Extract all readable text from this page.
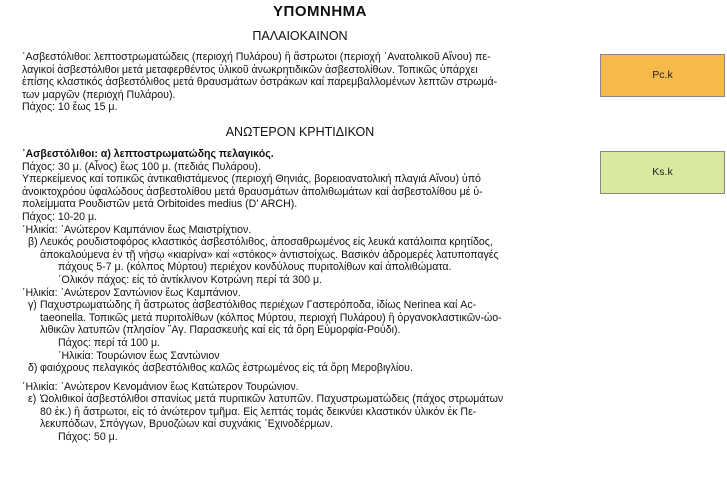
ΥΠΟΜΝΗΜΑ
ΠΑΛΑΙΟΚΑΙΝΟΝ
Pc.k
᾿Ασβεστόλιθοι: λεπτοστρωματώδεις (περιοχή Πυλάρου) ἢ ἄστρωτοι (περιοχή ᾿Ανατολικοῦ Αἴνου) πε-
λαγικοί ἀσβεστόλιθοι μετά μεταφερθέντος ὑλικοῦ ἀνωκρητιδικῶν ἀσβεστολίθων. Τοπικῶς ὑπάρχει
ἐπίσης κλαστικός ἀσβεστόλιθος μετά θραυσμάτων ὀστράκων καί παρεμβαλλομένων λεπτῶν στρωμά-
των μαργῶν (περιοχή Πυλάρου).
Πάχος: 10 ἕως 15 μ.
ΑΝΩΤΕΡΟΝ ΚΡΗΤΙΔΙΚΟΝ
Ks.k
᾿Ασβεστόλιθοι: α) λεπτοστρωματώδης πελαγικός.
Πάχος: 30 μ. (Αἶνος) ἕως 100 μ. (πεδιάς Πυλάρου).
Υπερκείμενος καί τοπικῶς ἀντικαθιστάμενος (περιοχή Θηνιάς, βορειοανατολική πλαγιά Αἴνου) ὑπό
ἀνοικτοχρόου ὑφαλώδους ἀσβεστολίθου μετά θραυσμάτων ἀπολιθωμάτων καί ἀσβεστολίθου μέ ὑ-
πολείμματα Ρουδιστῶν μετά Orbitoides medius (D' ARCH).
Πάχος: 10-20 μ.
῾Ηλικία: ᾿Ανώτερον Καμπάνιον ἕως Μαιστρίχτιον.
β) Λευκός ρουδιστοφόρος κλαστικός ἀσβεστόλιθος, ἀποσαθρωμένος εἰς λευκά κατάλοιπα κρητίδος,
ἀποκαλούμενα ἐν τῇ νήσῳ «κιαρίνα» καί «στόκος» ἀντιστοίχως. Βασικόν ἀδρομερές λατυποπαγές
πάχους 5-7 μ. (κόλπος Μύρτου) περιέχον κονδύλους πυριτολίθων καί ἀπολιθώματα.
῾Ολικόν πάχος: εἰς τό ἀντίκλινον Κοτρώνη περί τά 300 μ.
῾Ηλικία: ᾿Ανώτερον Σαντώνιον ἕως Καμπάνιον.
γ) Παχυστρωματώδης ἢ ἄστρωτος ἀσβεστόλιθος περιέχων Γαστερόποδα, ἰδίως Nerinea καί Ac-
taeonella. Τοπικῶς μετά πυριτολίθων (κόλπος Μύρτου, περιοχή Πυλάρου) ἢ ὀργανοκλαστικῶν-ὠο-
λιθικῶν λατυπῶν (πλησίον ῞Αγ. Παρασκευής καί εἰς τά ὄρη Εὐμορφία-Ρούδι).
Πάχος: περί τά 100 μ.
῾Ηλικία: Τουρώνιον ἕως Σαντώνιον
δ) φαιόχρους πελαγικός ἀσβεστόλιθος καλῶς ἐστρωμένος εἰς τά ὄρη Μεροβιγλίου.
῾Ηλικία: ᾿Ανώτερον Κενομάνιον ἕως Κατώτερον Τουρώνιον.
ε) Ὠολιθικοί ἀσβεστόλιθοι σπανίως μετά πυριτικῶν λατυπῶν. Παχυστρωματώδεις (πάχος στρωμάτων
80 ἑκ.) ἢ ἄστρωτοι, εἰς τό ἀνώτερον τμῆμα. Εἰς λεπτάς τομάς δεικνύει κλαστικόν ὑλικόν ἐκ Πε-
λεκυπόδων, Σπόγγων, Βρυοζώων καί συχνάκις ᾿Εχινοδέρμων.
Πάχος: 50 μ.
